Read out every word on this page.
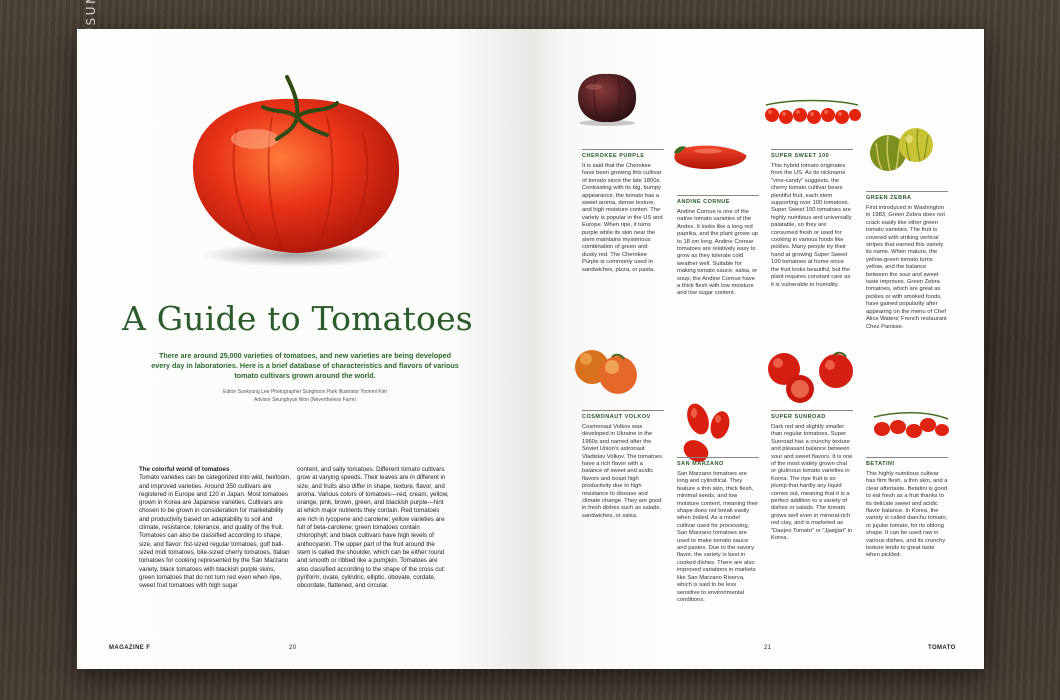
A Guide to Tomatoes
There are around 25,000 varieties of tomatoes, and new varieties are being developed every day in laboratories. Here is a brief database of characteristics and flavors of various tomato cultivars grown around the world.
Editor Sunkyung Lee Photographer Sunghoon Park Illustrator Yoonmi Kim
Advisor Seunghyun Won (Nevertheless Farm)
The colorful world of tomatoes
Tomato varieties can be categorized into wild, heirloom, and improved varieties. Around 350 cultivars are registered in Europe and 120 in Japan. Most tomatoes grown in Korea are Japanese varieties. Cultivars are chosen to be grown in consideration for marketability and productivity based on adaptability to soil and climate, resistance, tolerance, and quality of the fruit. Tomatoes can also be classified according to shape, size, and flavor: fist-sized regular tomatoes, golf ball-sized midi tomatoes, bite-sized cherry tomatoes, Italian tomatoes for cooking represented by the San Marzano variety, black tomatoes with blackish purple skins, green tomatoes that do not turn red even when ripe, sweet fruit tomatoes with high sugar
content, and salty tomatoes. Different tomato cultivars grow at varying speeds. Their leaves are in different in size, and fruits also differ in shape, texture, flavor, and aroma. Various colors of tomatoes—red, cream, yellow, orange, pink, brown, green, and blackish purple—hint at which major nutrients they contain. Red tomatoes are rich in lycopene and carotene; yellow varieties are full of beta-carotene; green tomatoes contain chlorophyll; and black cultivars have high levels of anthocyanin. The upper part of the fruit around the stem is called the shoulder, which can be either round and smooth or ribbed like a pumpkin. Tomatoes are also classified according to the shape of the cross cut: pyriform, ovate, cylindric, elliptic, obovate, cordate, obcordate, flattened, and circular.
MAGAZINE F	20
CHEROKEE PURPLE
It is said that the Cherokee have been growing this cultivar of tomato since the late 1800s. Contrasting with its big, bumpy appearance, the tomato has a sweet aroma, dense texture, and high moisture conten. The variety is popular in the US and Europe. When ripe, it turns purple while its skin near the stem maintains mysterious combination of green and dusky red. The Cherokee Purple is commonly used in sandwiches, pizza, or pasta.
ANDINE CORNUE
Andine Cornue is one of the native tomato varieties of the Andes. It looks like a long red paprika, and the plant grows up to 18 cm long. Andine Cornue tomatoes are relatively easy to grow as they tolerate cold weather well. Suitable for making tomato sauce, salsa, or soup, the Andine Cornue have a thick flesh with low moisture and low sugar content.
SUPER SWEET 100
This hybrid tomato originates from the US. As its nickname "vine-candy" suggests, the cherry tomato cultivar bears plentiful fruit, each stem supporting over 100 tomatoes. Super Sweet 100 tomatoes are highly nutritious and universally palatable, so they are consumed fresh or used for cooking in various foods like pickles. Many people try their hand at growing Super Sweet 100 tomatoes at home since the fruit looks beautiful, but the plant requires constant care as it is vulnerable to humidity.
GREEN ZEBRA
First introduced in Washington in 1983, Green Zebra does not crack easily like other green tomato varieties. The fruit is covered with striking vertical stripes that earned this variety its name. When mature, the yellow-green tomato turns yellow, and the balance between the sour and sweet taste improves. Green Zebra tomatoes, which are great as pickles or with smoked foods, have gained popularity after appearing on the menu of Chef Alice Waters' French restaurant Chez Panisse.
COSMONAUT VOLKOV
Cosmonaut Volkov was developed in Ukraine in the 1960s and named after the Soviet Union's astronaut Vladislav Volkov. The tomatoes have a rich flavor with a balance of sweet and acidic flavors and boast high productivity due to high resistance to disease and climate change. They are good in fresh dishes such as salads, sandwiches, or salsa.
SAN MARZANO
San Marzano tomatoes are long and cylindrical. They feature a thin skin, thick flesh, minimal seeds, and low moisture content, meaning their shape does not break easily when boiled. As a model cultivar used for processing, San Marzano tomatoes are used to make tomato sauce and pastes. Due to the savory flavor, the variety is best in cooked dishes. There are also improved variations in markets like San Marzano Riserva, which is said to be less sensitive to environmental conditions.
SUPER SUNROAD
Dark red and slightly smaller than regular tomatoes, Super Sunroad has a crunchy texture and pleasant balance between sour and sweet flavors. It is one of the most widely grown chal or glutinous tomato varieties in Korea. The ripe fruit is so plump that hardly any liquid comes out, meaning that it is a perfect addition to a variety of dishes or salads. The tomato grows well even in mineral-rich red clay, and is marketed as "Daejeo Tomato" or "Jjaejjari" in Korea.
BETATINI
This highly nutritious cultivar has firm flesh, a thin skin, and a clear aftertaste. Betatini is good to eat fresh as a fruit thanks to its delicate sweet and acidic flavor balance. In Korea, the variety is called daechu tomato, or jujube tomato, for its oblong shape. It can be used raw in various dishes, and its crunchy texture lends to great taste when pickled.
21	TOMATO
